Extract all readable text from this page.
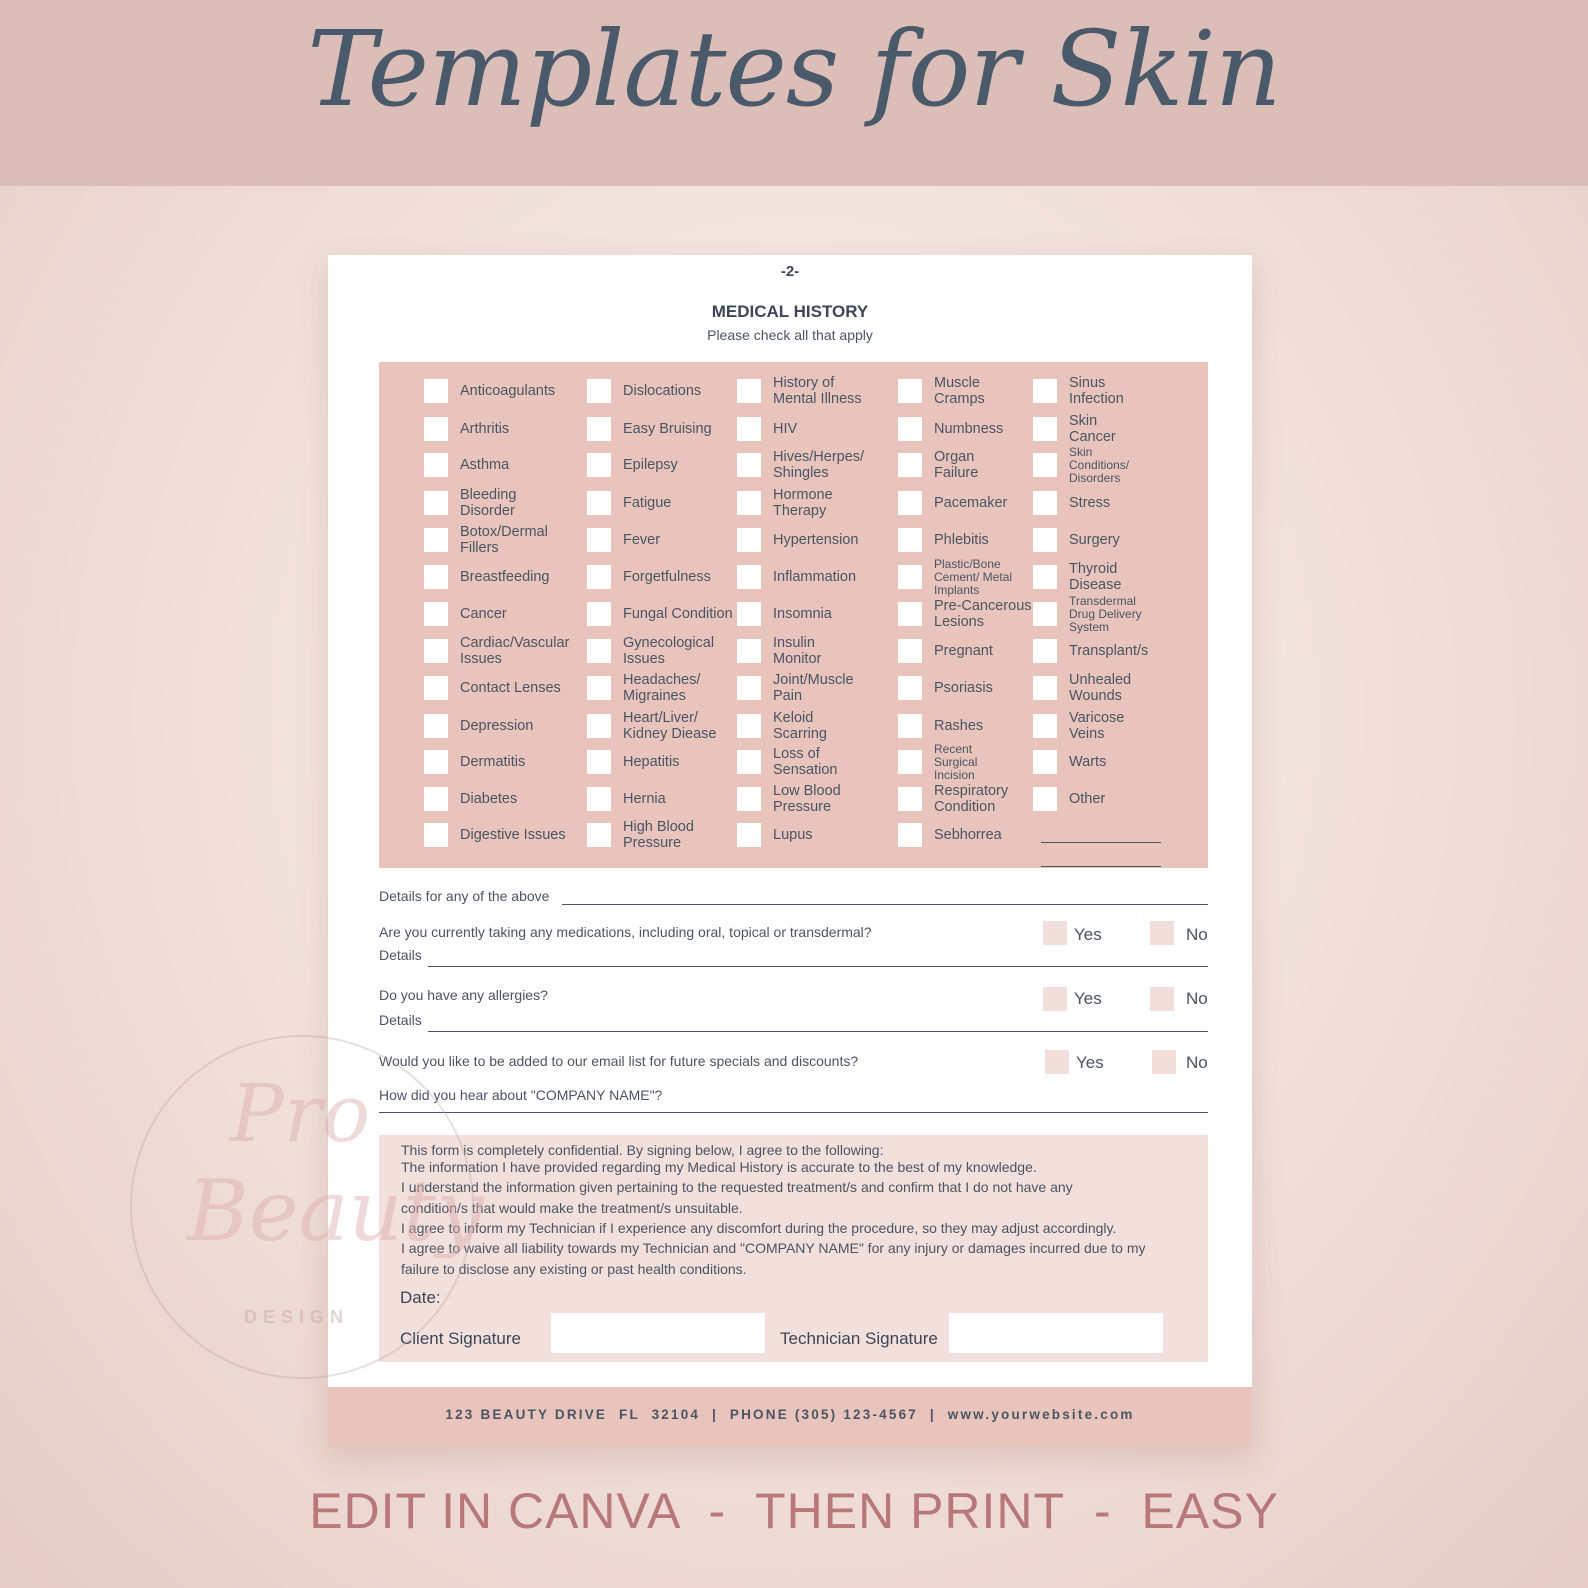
Templates for Skin
-2-
MEDICAL HISTORY
Please check all that apply
Anticoagulants
Arthritis
Asthma
Bleeding
Disorder
Botox/Dermal
Fillers
Breastfeeding
Cancer
Cardiac/Vascular
Issues
Contact Lenses
Depression
Dermatitis
Diabetes
Digestive Issues
Dislocations
Easy Bruising
Epilepsy
Fatigue
Fever
Forgetfulness
Fungal Condition
Gynecological
Issues
Headaches/
Migraines
Heart/Liver/
Kidney Diease
Hepatitis
Hernia
High Blood
Pressure
History of
Mental Illness
HIV
Hives/Herpes/
Shingles
Hormone
Therapy
Hypertension
Inflammation
Insomnia
Insulin
Monitor
Joint/Muscle
Pain
Keloid
Scarring
Loss of
Sensation
Low Blood
Pressure
Lupus
Muscle
Cramps
Numbness
Organ
Failure
Pacemaker
Phlebitis
Plastic/Bone
Cement/ Metal
Implants
Pre-Cancerous
Lesions
Pregnant
Psoriasis
Rashes
Recent
Surgical
Incision
Respiratory
Condition
Sebhorrea
Sinus
Infection
Skin
Cancer
Skin
Conditions/
Disorders
Stress
Surgery
Thyroid
Disease
Transdermal
Drug Delivery
System
Transplant/s
Unhealed
Wounds
Varicose
Veins
Warts
Other
Details for any of the above
Are you currently taking any medications, including oral, topical or transdermal?	Yes	No
Details
Do you have any allergies?	Yes	No
Details
Would you like to be added to our email list for future specials and discounts?	Yes	No
How did you hear about "COMPANY NAME"?
This form is completely confidential. By signing below, I agree to the following:
The information I have provided regarding my Medical History is accurate to the best of my knowledge.
I understand the information given pertaining to the requested treatment/s and confirm that I do not have any
condition/s that would make the treatment/s unsuitable.
I agree to inform my Technician if I experience any discomfort during the procedure, so they may adjust accordingly.
I agree to waive all liability towards my Technician and "COMPANY NAME" for any injury or damages incurred due to my
failure to disclose any existing or past health conditions.
Date:
Client Signature	Technician Signature
123 BEAUTY DRIVE  FL  32104  |  PHONE (305) 123-4567  |  www.yourwebsite.com
Pro
Beauty
DESIGN
EDIT IN CANVA  -  THEN PRINT  -  EASY
